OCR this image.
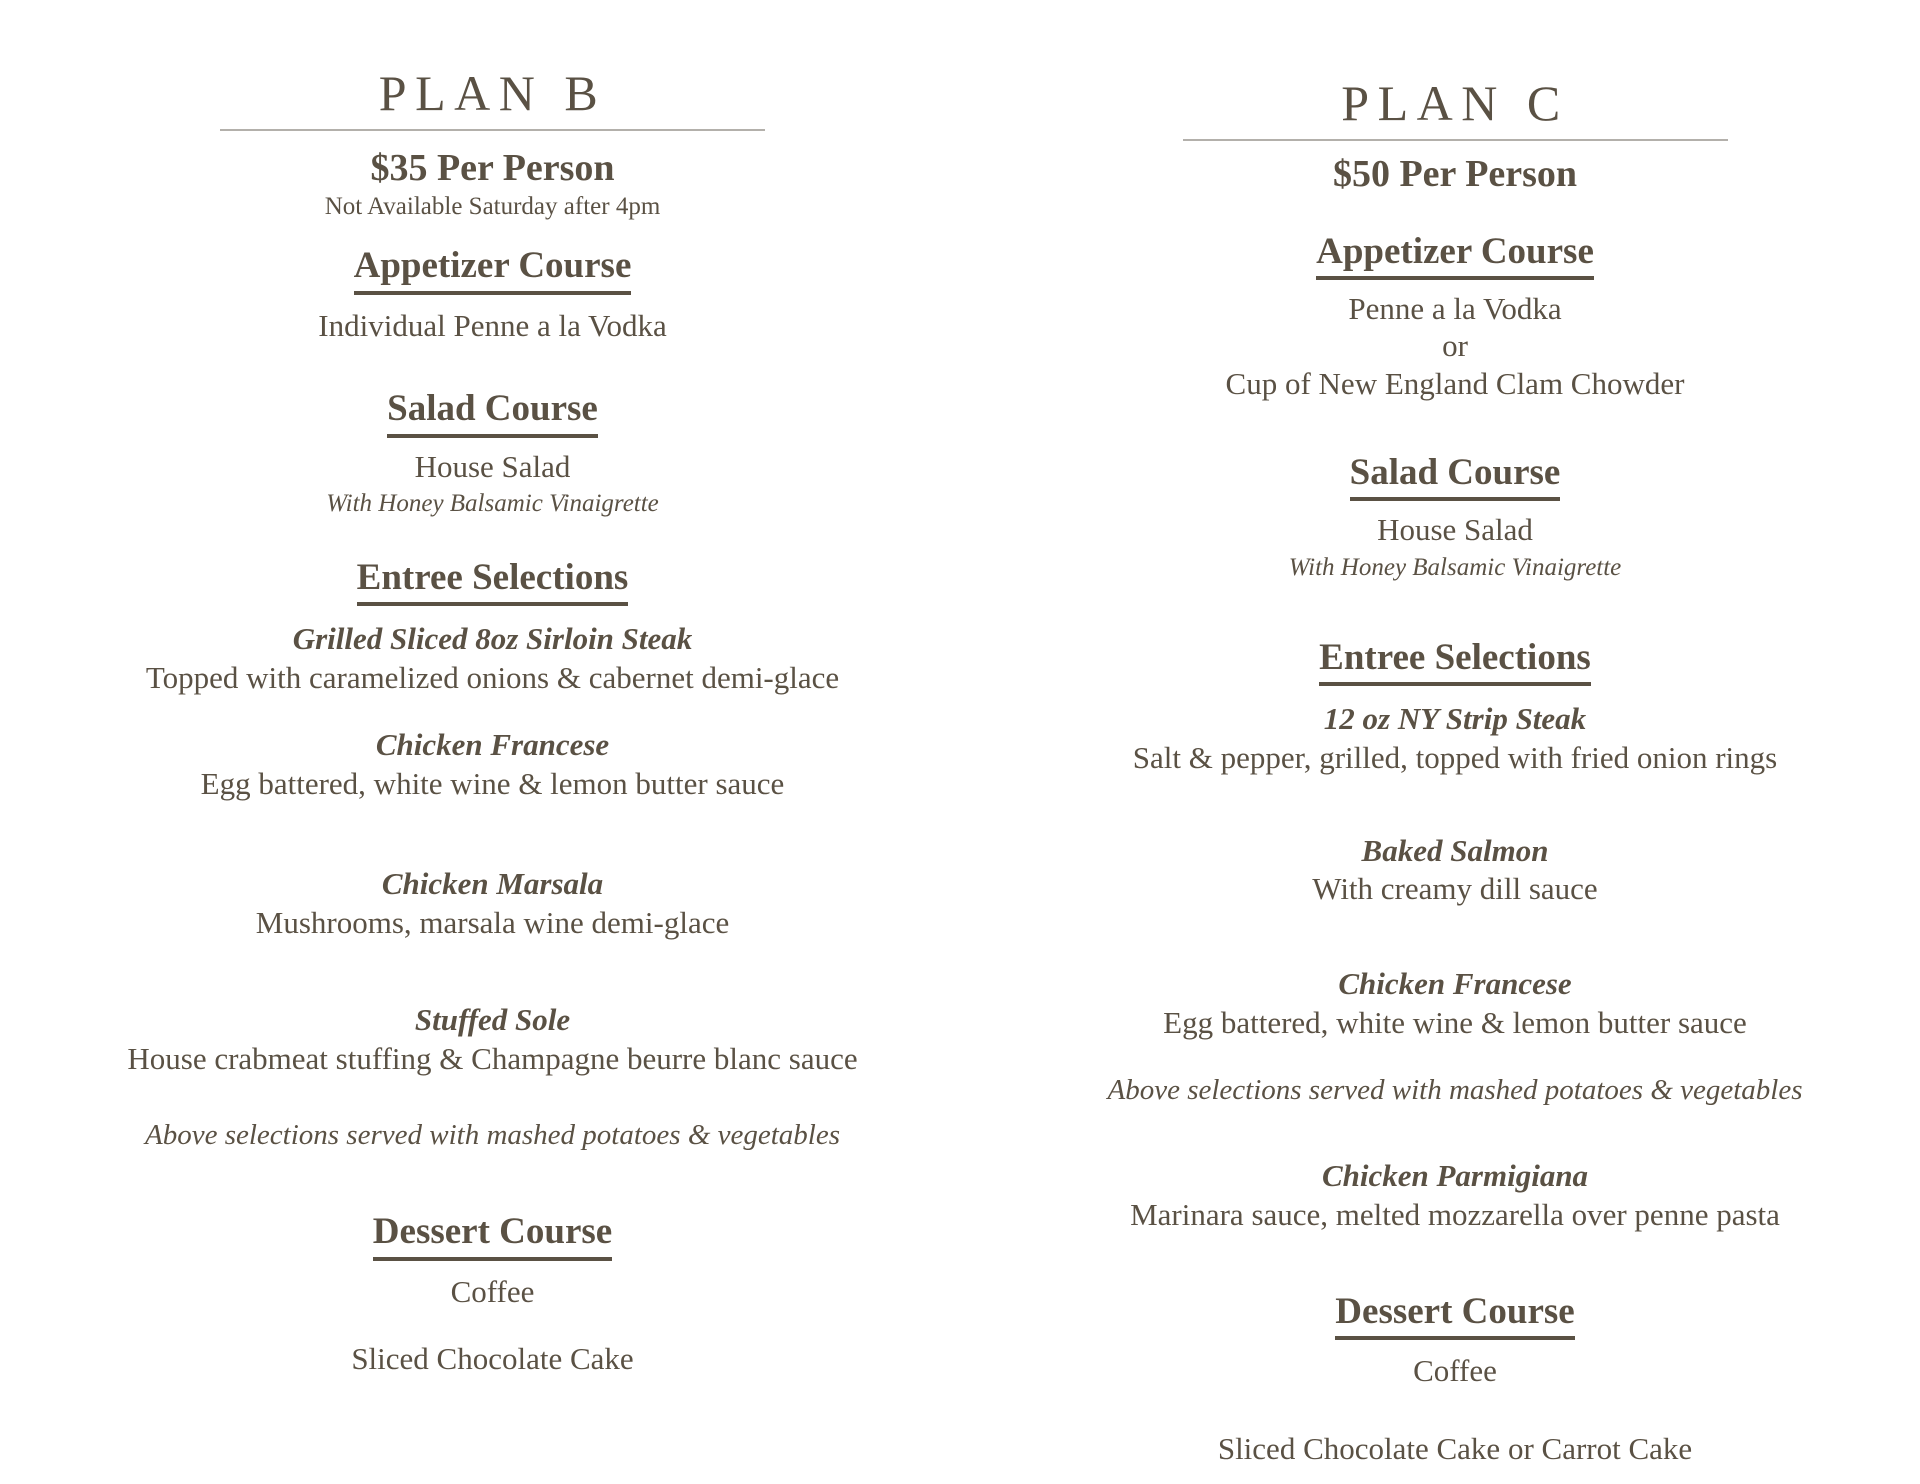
PLAN B
$35 Per Person
Not Available Saturday after 4pm
Appetizer Course
Individual Penne a la Vodka
Salad Course
House Salad
With Honey Balsamic Vinaigrette
Entree Selections
Grilled Sliced 8oz Sirloin Steak
Topped with caramelized onions & cabernet demi-glace
Chicken Francese
Egg battered, white wine & lemon butter sauce
Chicken Marsala
Mushrooms, marsala wine demi-glace
Stuffed Sole
House crabmeat stuffing & Champagne beurre blanc sauce
Above selections served with mashed potatoes & vegetables
Dessert Course
Coffee
Sliced Chocolate Cake
PLAN C
$50 Per Person
Appetizer Course
Penne a la Vodka
or
Cup of New England Clam Chowder
Salad Course
House Salad
With Honey Balsamic Vinaigrette
Entree Selections
12 oz NY Strip Steak
Salt & pepper, grilled, topped with fried onion rings
Baked Salmon
With creamy dill sauce
Chicken Francese
Egg battered, white wine & lemon butter sauce
Above selections served with mashed potatoes & vegetables
Chicken Parmigiana
Marinara sauce, melted mozzarella over penne pasta
Dessert Course
Coffee
Sliced Chocolate Cake or Carrot Cake
